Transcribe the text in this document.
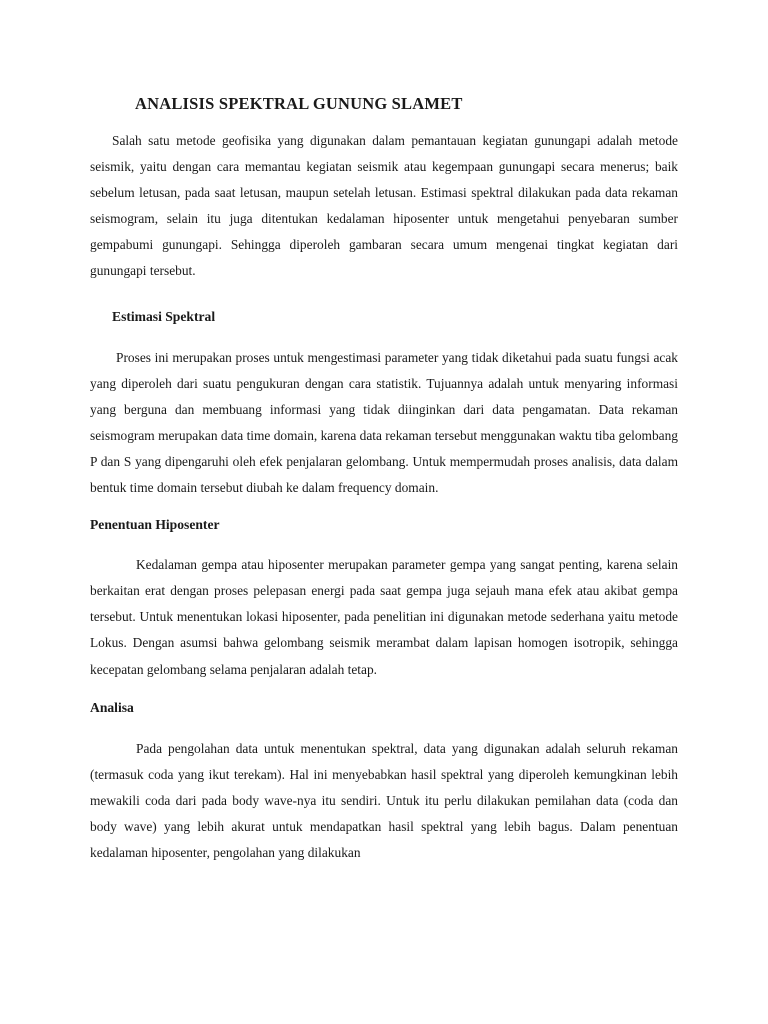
ANALISIS SPEKTRAL GUNUNG SLAMET

Salah satu metode geofisika yang digunakan dalam pemantauan kegiatan gunungapi adalah metode seismik, yaitu dengan cara memantau kegiatan seismik atau kegempaan gunungapi secara menerus; baik sebelum letusan, pada saat letusan, maupun setelah letusan. Estimasi spektral dilakukan pada data rekaman seismogram, selain itu juga ditentukan kedalaman hiposenter untuk mengetahui penyebaran sumber gempabumi gunungapi. Sehingga diperoleh gambaran secara umum mengenai tingkat kegiatan dari gunungapi tersebut.

Estimasi Spektral

Proses ini merupakan proses untuk mengestimasi parameter yang tidak diketahui pada suatu fungsi acak yang diperoleh dari suatu pengukuran dengan cara statistik. Tujuannya adalah untuk menyaring informasi yang berguna dan membuang informasi yang tidak diinginkan dari data pengamatan. Data rekaman seismogram merupakan data time domain, karena data rekaman tersebut menggunakan waktu tiba gelombang P dan S yang dipengaruhi oleh efek penjalaran gelombang. Untuk mempermudah proses analisis, data dalam bentuk time domain tersebut diubah ke dalam frequency domain.

Penentuan Hiposenter

Kedalaman gempa atau hiposenter merupakan parameter gempa yang sangat penting, karena selain berkaitan erat dengan proses pelepasan energi pada saat gempa juga sejauh mana efek atau akibat gempa tersebut. Untuk menentukan lokasi hiposenter, pada penelitian ini digunakan metode sederhana yaitu metode Lokus. Dengan asumsi bahwa gelombang seismik merambat dalam lapisan homogen isotropik, sehingga kecepatan gelombang selama penjalaran adalah tetap.

Analisa

Pada pengolahan data untuk menentukan spektral, data yang digunakan adalah seluruh rekaman (termasuk coda yang ikut terekam). Hal ini menyebabkan hasil spektral yang diperoleh kemungkinan lebih mewakili coda dari pada body wave-nya itu sendiri. Untuk itu perlu dilakukan pemilahan data (coda dan body wave) yang lebih akurat untuk mendapatkan hasil spektral yang lebih bagus. Dalam penentuan kedalaman hiposenter, pengolahan yang dilakukan
